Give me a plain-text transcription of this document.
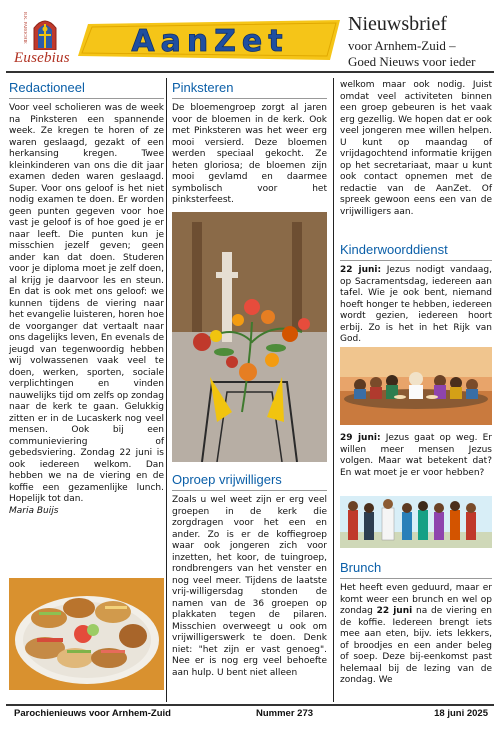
R.K. PAROCHIE
Eusebius AanZet	Nieuwsbrief
voor Arnhem-Zuid –
Goed Nieuws voor ieder
Redactioneel

Voor veel scholieren was de week na Pinksteren een spannende week. Ze kregen te horen of ze waren geslaagd, gezakt of een herkansing kregen. Twee kleinkinderen van ons die dit jaar examen deden waren geslaagd. Super. Voor ons geloof is het niet nodig examen te doen. Er worden geen punten gegeven voor hoe vast je geloof is of hoe goed je er naar leeft. Die punten kun je misschien jezelf geven; geen ander kan dat doen. Studeren voor je diploma moet je zelf doen, al krijg je daarvoor les en steun. En dat is ook met ons geloof: we kunnen tijdens de viering naar het evangelie luisteren, horen hoe de voorganger dat vertaalt naar ons dagelijks leven, En evenals de jeugd van tegenwoordig hebben wij volwassenen vaak veel te doen, werken, sporten, sociale verplichtingen en vinden nauwelijks tijd om zelfs op zondag naar de kerk te gaan. Gelukkig zitten er in de Lucaskerk nog veel mensen. Ook bij een communieviering of gebedsviering. Zondag 22 juni is ook iedereen welkom. Dan hebben we na de viering en de koffie een gezamenlijke lunch. Hopelijk tot dan.

Maria Buijs

Pinksteren

De bloemengroep zorgt al jaren voor de bloemen in de kerk. Ook met Pinksteren was het weer erg mooi versierd. Deze bloemen werden speciaal gekocht. Ze heten gloriosa; de bloemen zijn mooi gevlamd en daarmee symbolisch voor het pinksterfeest.

Oproep vrijwilligers

Zoals u wel weet zijn er erg veel groepen in de kerk die zorgdragen voor het een en ander. Zo is er de koffiegroep waar ook jongeren zich voor inzetten, het koor, de tuingroep, rondbrengers van het venster en nog veel meer. Tijdens de laatste vrij-willigersdag stonden de namen van de 36 groepen op plakkaten tegen de pilaren. Misschien overweegt u ook om vrijwilligerswerk te doen. Denk niet: "het zijn er vast genoeg". Nee er is nog erg veel behoefte aan hulp. U bent niet alleen

welkom maar ook nodig. Juist omdat veel activiteten binnen een groep gebeuren is het vaak erg gezellig. We hopen dat er ook veel jongeren mee willen helpen. U kunt op maandag of vrijdagochtend informatie krijgen op het secretariaat, maar u kunt ook contact opnemen met de redactie van de AanZet. Of spreek gewoon eens een van de vrijwilligers aan.

Kinderwoorddienst

22 juni: Jezus nodigt vandaag, op Sacramentsdag, iedereen aan tafel. Wie je ook bent, niemand hoeft honger te hebben, iedereen wordt gezien, iedereen hoort erbij. Zo is het in het Rijk van God.

29 juni: Jezus gaat op weg. Er willen meer mensen Jezus volgen. Maar wat betekent dat? En wat moet je er voor hebben?

Brunch

Het heeft even geduurd, maar er komt weer een brunch en wel op zondag 22 juni na de viering en de koffie. Iedereen brengt iets mee aan eten, bijv. iets lekkers, of broodjes en een ander beleg of soep. Deze bij-eenkomst past helemaal bij de lezing van de zondag. We

Parochienieuws voor Arnhem-Zuid	Nummer 273	18 juni 2025
